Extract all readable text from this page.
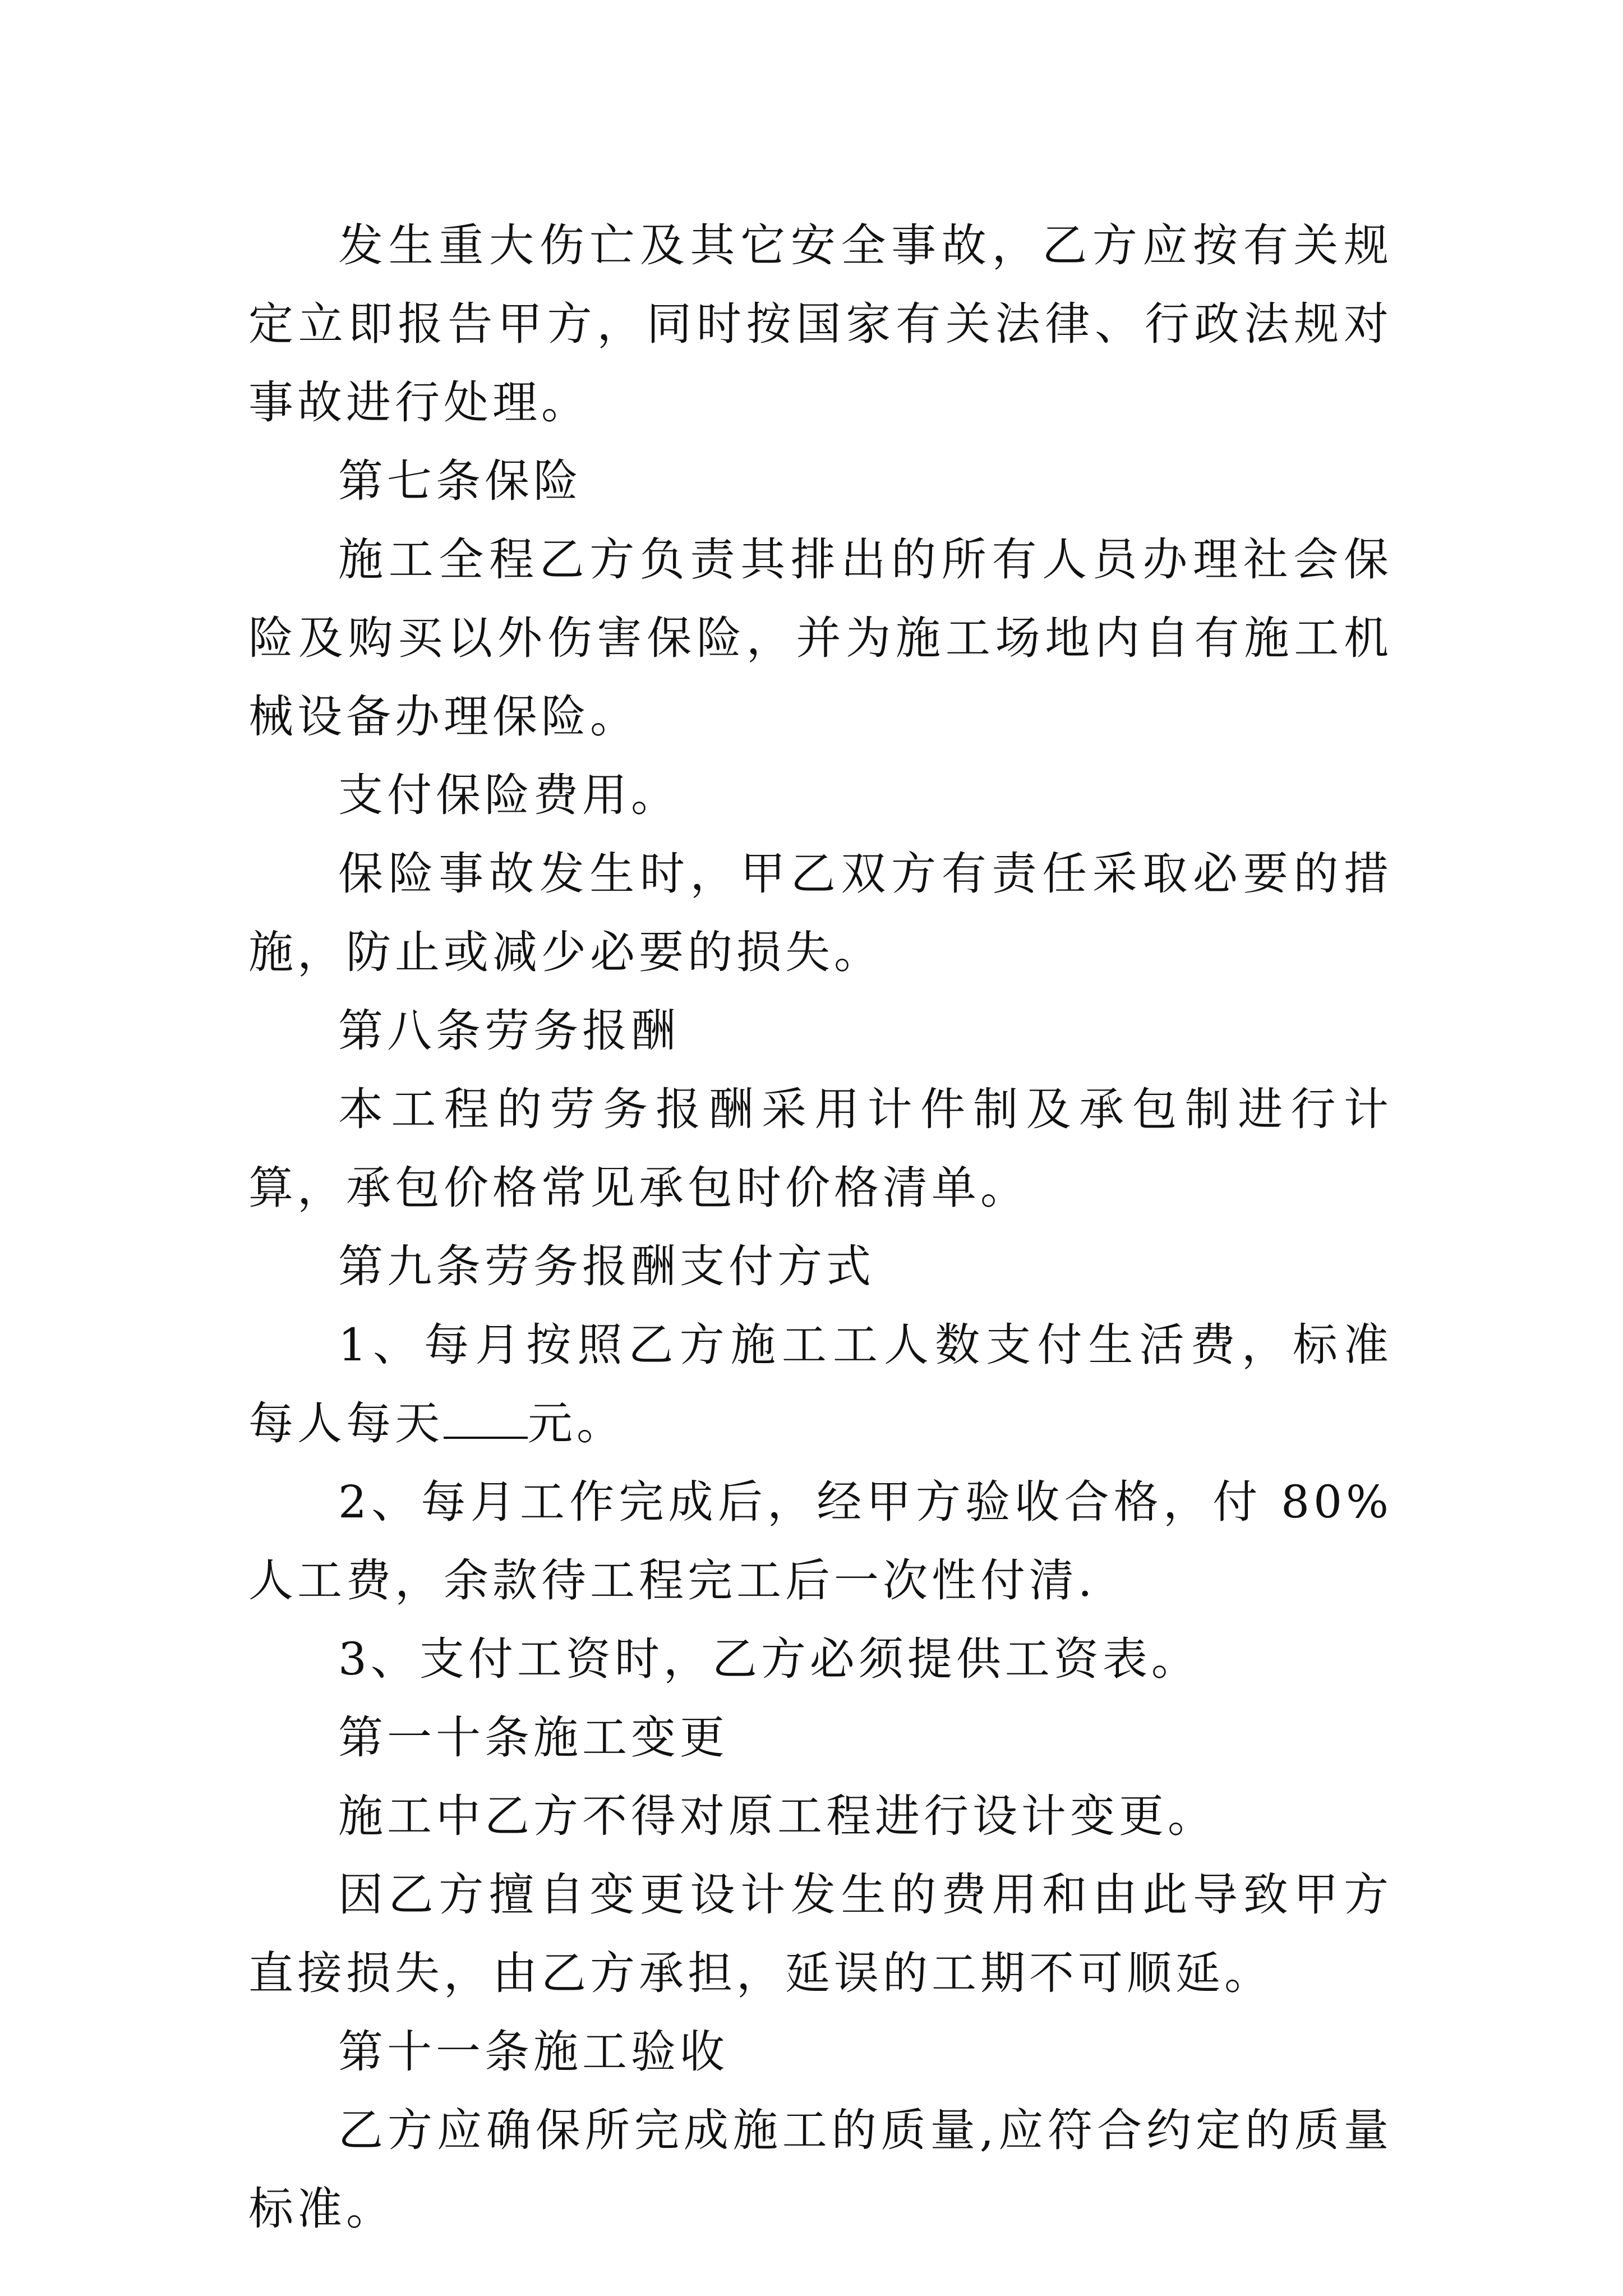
发生重大伤亡及其它安全事故，乙方应按有关规定立即报告甲方，同时按国家有关法律、行政法规对事故进行处理。

第七条保险

施工全程乙方负责其排出的所有人员办理社会保险及购买以外伤害保险，并为施工场地内自有施工机械设备办理保险。

支付保险费用。

保险事故发生时，甲乙双方有责任采取必要的措施，防止或减少必要的损失。

第八条劳务报酬

本工程的劳务报酬采用计件制及承包制进行计算，承包价格常见承包时价格清单。

第九条劳务报酬支付方式

1、每月按照乙方施工工人数支付生活费，标准每人每天 元。

2、每月工作完成后，经甲方验收合格，付 80%人工费，余款待工程完工后一次性付清.

3、支付工资时，乙方必须提供工资表。

第一十条施工变更

施工中乙方不得对原工程进行设计变更。

因乙方擅自变更设计发生的费用和由此导致甲方直接损失，由乙方承担，延误的工期不可顺延。

第十一条施工验收

乙方应确保所完成施工的质量,应符合约定的质量标准。
